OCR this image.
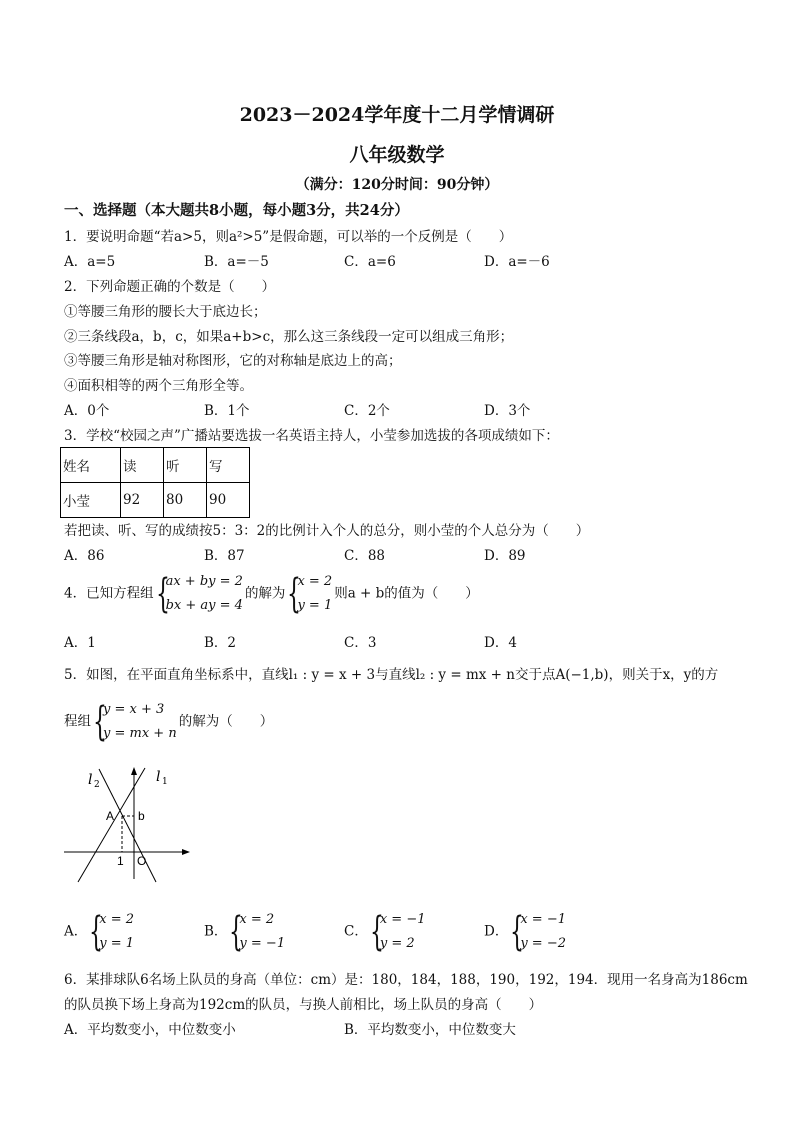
2023－2024学年度十二月学情调研
八年级数学
（满分：120分时间：90分钟）
一、选择题（本大题共8小题，每小题3分，共24分）
1．要说明命题“若a>5，则a²>5”是假命题，可以举的一个反例是（　　）
A．a=5	B．a=－5	C．a=6	D．a=－6
2．下列命题正确的个数是（　　）
①等腰三角形的腰长大于底边长；
②三条线段a，b，c，如果a+b>c，那么这三条线段一定可以组成三角形；
③等腰三角形是轴对称图形，它的对称轴是底边上的高；
④面积相等的两个三角形全等。
A．0个	B．1个	C．2个	D．3个
3．学校“校园之声”广播站要选拔一名英语主持人，小莹参加选拔的各项成绩如下：
姓名	读	听	写
小莹	92	80	90
若把读、听、写的成绩按5：3：2的比例计入个人的总分，则小莹的个人总分为（　　）
A．86	B．87	C．88	D．89
4．已知方程组 {
ax + by = 2
bx + ay = 4的解为 {
x = 2
y = 1则a + b的值为（　　）
A．1	B．2	C．3	D．4
5．如图，在平面直角坐标系中，直线l₁ : y = x + 3与直线l₂ : y = mx + n交于点A(−1,b)，则关于x，y的方
程组 {
y = x + 3
y = mx + n的解为（　　）
l 2	l 1
A b
1 O
A． {
x = 2
y = 1
B． {
x = 2
y = −1
C． {
x = −1
y = 2
D． {
x = −1
y = −2
6．某排球队6名场上队员的身高（单位：cm）是：180，184，188，190，192，194．现用一名身高为186cm
的队员换下场上身高为192cm的队员，与换人前相比，场上队员的身高（　　）
A．平均数变小，中位数变小	B．平均数变小，中位数变大
